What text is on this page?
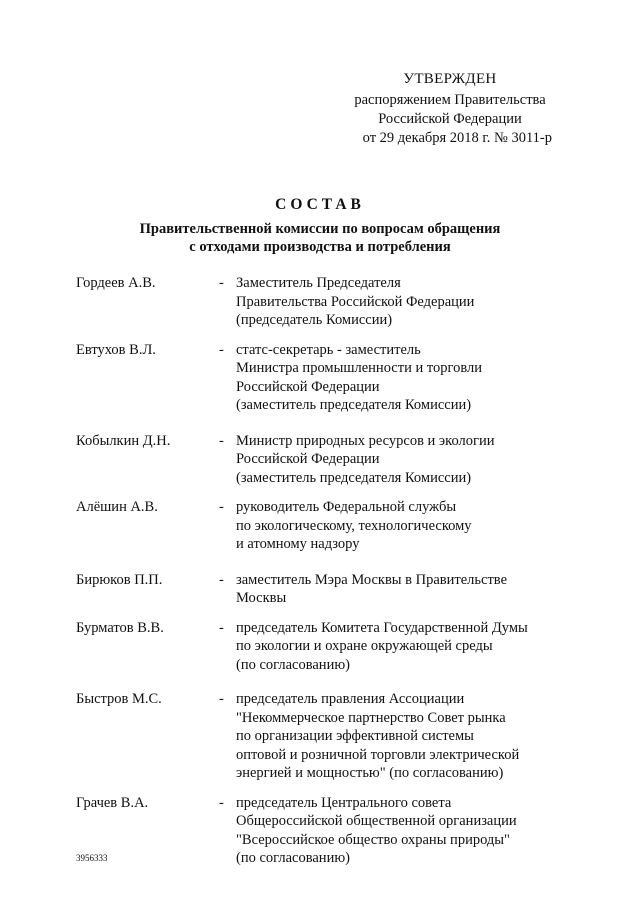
УТВЕРЖДЕН
распоряжением Правительства
Российской Федерации
от 29 декабря 2018 г. № 3011-р
СОСТАВ
Правительственной комиссии по вопросам обращения
с отходами производства и потребления
Гордеев А.В.	- Заместитель Председателя
Правительства Российской Федерации
(председатель Комиссии)
Евтухов В.Л.	- статс-секретарь - заместитель
Министра промышленности и торговли
Российской Федерации
(заместитель председателя Комиссии)
Кобылкин Д.Н.	- Министр природных ресурсов и экологии
Российской Федерации
(заместитель председателя Комиссии)
Алёшин А.В.	- руководитель Федеральной службы
по экологическому, технологическому
и атомному надзору
Бирюков П.П.	- заместитель Мэра Москвы в Правительстве
Москвы
Бурматов В.В.	- председатель Комитета Государственной Думы
по экологии и охране окружающей среды
(по согласованию)
Быстров М.С.	- председатель правления Ассоциации
"Некоммерческое партнерство Совет рынка
по организации эффективной системы
оптовой и розничной торговли электрической
энергией и мощностью" (по согласованию)
Грачев В.А.	- председатель Центрального совета
Общероссийской общественной организации
"Всероссийское общество охраны природы"
(по согласованию)
3956333
